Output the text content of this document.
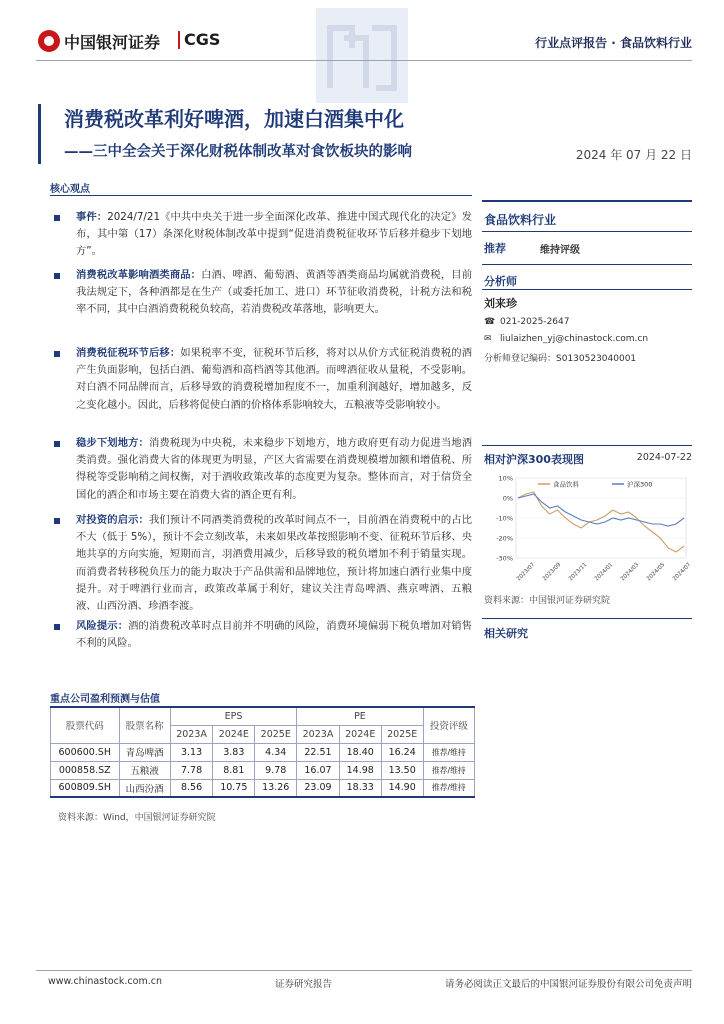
中国银河证券 CGS	行业点评报告 · 食品饮料行业
消费税改革利好啤酒，加速白酒集中化
——三中全会关于深化财税体制改革对食饮板块的影响	2024 年 07 月 22 日
核心观点
事件：2024/7/21《中共中央关于进一步全面深化改革、推进中国式现代化的决定》发布，其中第（17）条深化财税体制改革中提到“促进消费税征收环节后移并稳步下划地方”。
消费税改革影响酒类商品：白酒、啤酒、葡萄酒、黄酒等酒类商品均属就消费税，目前我法规定下，各种酒都是在生产（或委托加工、进口）环节征收消费税，计税方法和税率不同，其中白酒消费税税负较高，若消费税改革落地，影响更大。
消费税征税环节后移：如果税率不变，征税环节后移，将对以从价方式征税消费税的酒产生负面影响，包括白酒、葡萄酒和高档酒等其他酒。而啤酒征收从量税，不受影响。对白酒不同品牌而言，后移导致的消费税增加程度不一，加重利润越好，增加越多，反之变化越小。因此，后移将促使白酒的价格体系影响较大，五粮液等受影响较小。
稳步下划地方：消费税现为中央税，未来稳步下划地方，地方政府更有动力促进当地酒类消费。强化消费大省的体现更为明显，产区大省需要在消费规模增加额和增值税、所得税等受影响稍之间权衡，对于酒收政策改革的态度更为复杂。整体而言，对于信贷全国化的酒企和市场主要在消费大省的酒企更有利。
对投资的启示：我们预计不同酒类消费税的改革时间点不一，目前酒在消费税中的占比不大（低于 5%），预计不会立刻改革，未来如果改革按照影响不变、征税环节后移、央地共享的方向实施，短期而言，羽酒费用减少，后移导致的税负增加不利于销量实现。而消费者转移税负压力的能力取决于产品供需和品牌地位，预计将加速白酒行业集中度提升。对于啤酒行业而言，政策改革属于利好，建议关注青岛啤酒、燕京啤酒、五粮液、山西汾酒、珍酒李渡。
风险提示：酒的消费税改革时点目前并不明确的风险，消费环境偏弱下税负增加对销售不利的风险。
食品饮料行业
推荐	维持评级
分析师
刘来珍
☎ 021-2025-2647
✉ liulaizhen_yj@chinastock.com.cn
分析师登记编码：S0130523040001
相对沪深300表现图	2024-07-22
10%
0%
-10%
-20%
-30%
2023/07 2023/09 2023/11 2024/01 2024/03 2024/05 2024/07
食品饮料	沪深300
资料来源：中国银河证券研究院
相关研究
重点公司盈利预测与估值
股票代码	股票名称	EPS			PE			投资评级
		2023A	2024E	2025E	2023A	2024E	2025E	
600600.SH	青岛啤酒	3.13	3.83	4.34	22.51	18.40	16.24	推荐/维持
000858.SZ	五粮液	7.78	8.81	9.78	16.07	14.98	13.50	推荐/维持
600809.SH	山西汾酒	8.56	10.75	13.26	23.09	18.33	14.90	推荐/维持
资料来源：Wind，中国银河证券研究院
www.chinastock.com.cn	证券研究报告	请务必阅读正文最后的中国银河证券股份有限公司免责声明
